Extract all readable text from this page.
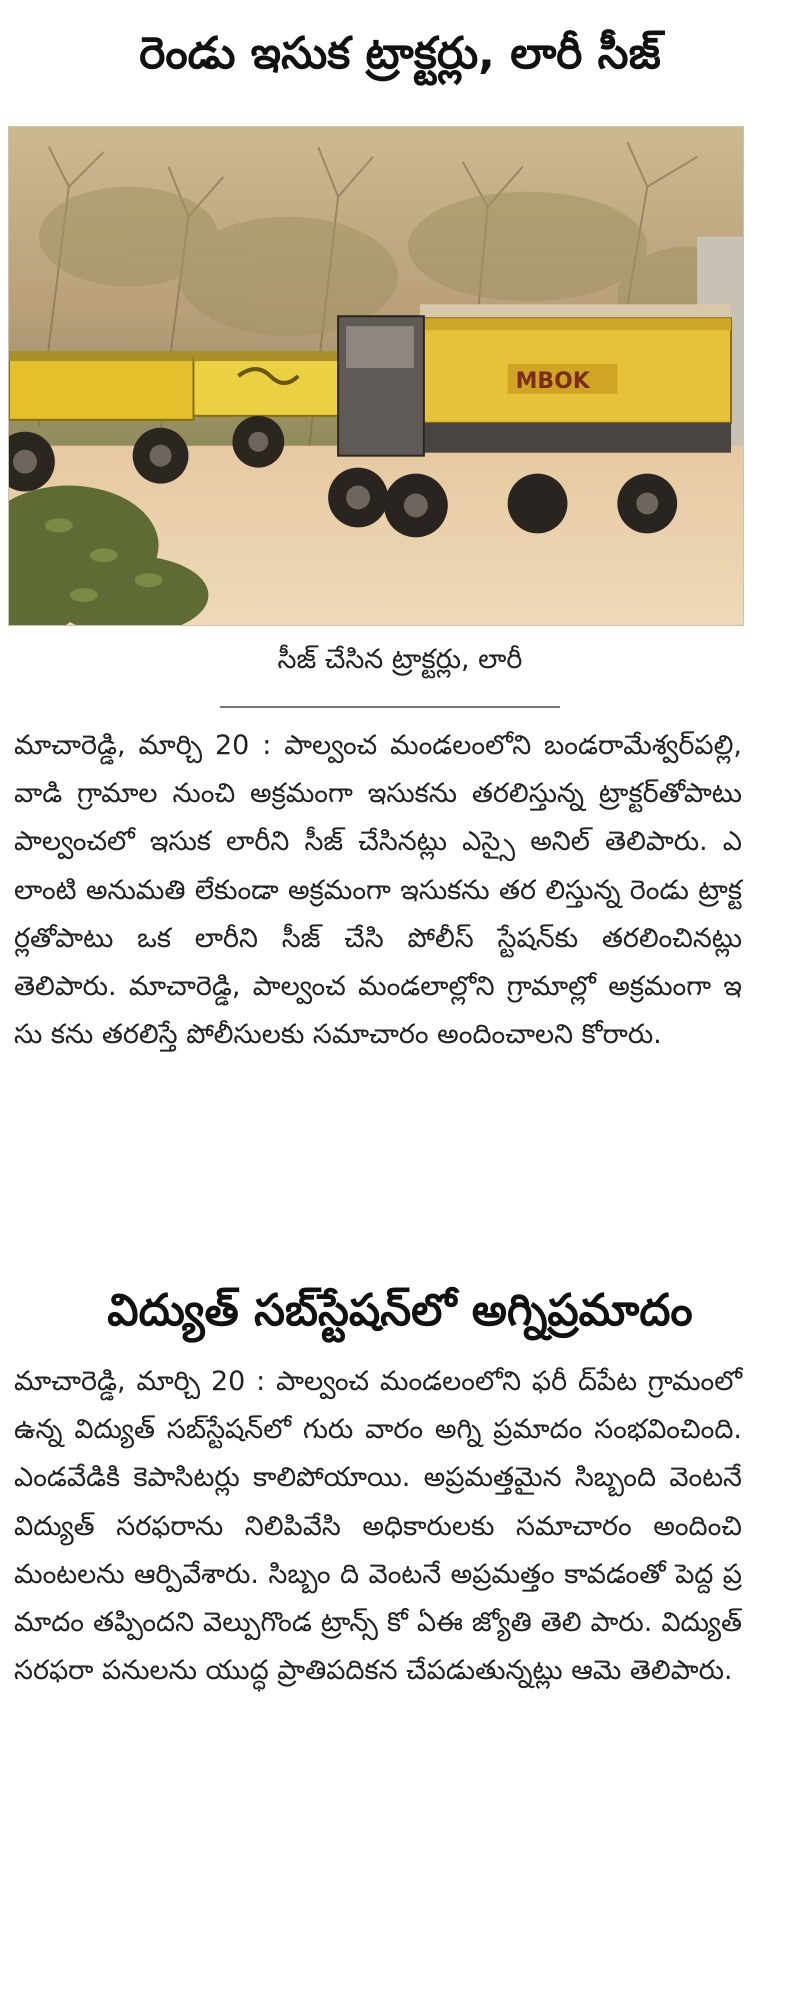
రెండు ఇసుక ట్రాక్టర్లు, లారీ సీజ్
MBOK
సీజ్ చేసిన ట్రాక్టర్లు, లారీ

మాచారెడ్డి, మార్చి 20 : పాల్వంచ మండలంలోని బండరామేశ్వర్‌పల్లి, వాడి గ్రామాల నుంచి అక్రమంగా ఇసుకను తరలిస్తున్న ట్రాక్టర్‌తోపాటు పాల్వంచలో ఇసుక లారీని సీజ్ చేసినట్లు ఎస్సై అనిల్ తెలిపారు. ఎలాంటి అనుమతి లేకుండా అక్రమంగా ఇసుకను తర లిస్తున్న రెండు ట్రాక్టర్లతోపాటు ఒక లారీని సీజ్ చేసి పోలీస్ స్టేషన్‌కు తరలించినట్లు తెలిపారు. మాచారెడ్డి, పాల్వంచ మండలాల్లోని గ్రామాల్లో అక్రమంగా ఇసు కను తరలిస్తే పోలీసులకు సమాచారం అందించాలని కోరారు.

విద్యుత్ సబ్‌స్టేషన్‌లో అగ్నిప్రమాదం

మాచారెడ్డి, మార్చి 20 : పాల్వంచ మండలంలోని ఫరీ ద్‌పేట గ్రామంలో ఉన్న విద్యుత్ సబ్‌స్టేషన్‌లో గురు వారం అగ్ని ప్రమాదం సంభవించింది. ఎండవేడికి కెపాసిటర్లు కాలిపోయాయి. అప్రమత్తమైన సిబ్బంది వెంటనే విద్యుత్ సరఫరాను నిలిపివేసి అధికారులకు సమాచారం అందించి మంటలను ఆర్పివేశారు. సిబ్బం ది వెంటనే అప్రమత్తం కావడంతో పెద్ద ప్రమాదం తప్పిందని వెల్పుగొండ ట్రాన్స్ కో ఏఈ జ్యోతి తెలి పారు. విద్యుత్ సరఫరా పనులను యుద్ధ ప్రాతిపదికన చేపడుతున్నట్లు ఆమె తెలిపారు.
